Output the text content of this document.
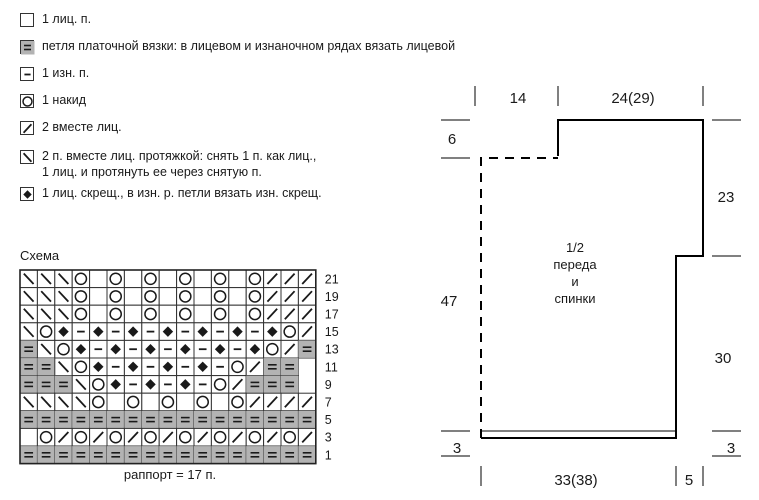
1 лиц. п.
петля платочной вязки: в лицевом и изнаночном рядах вязать лицевой
1 изн. п.
1 накид
2 вместе лиц.
2 п. вместе лиц. протяжкой: снять 1 п. как лиц.,
1 лиц. и протянуть ее через снятую п.
1 лиц. скрещ., в изн. р. петли вязать изн. скрещ.
Схема
21
19
17
15
13
11
9
7
5
3
1
раппорт = 17 п.
14	24(29)
6
23
47
30
3	3
33(38)	5
1/2
переда
и
спинки
